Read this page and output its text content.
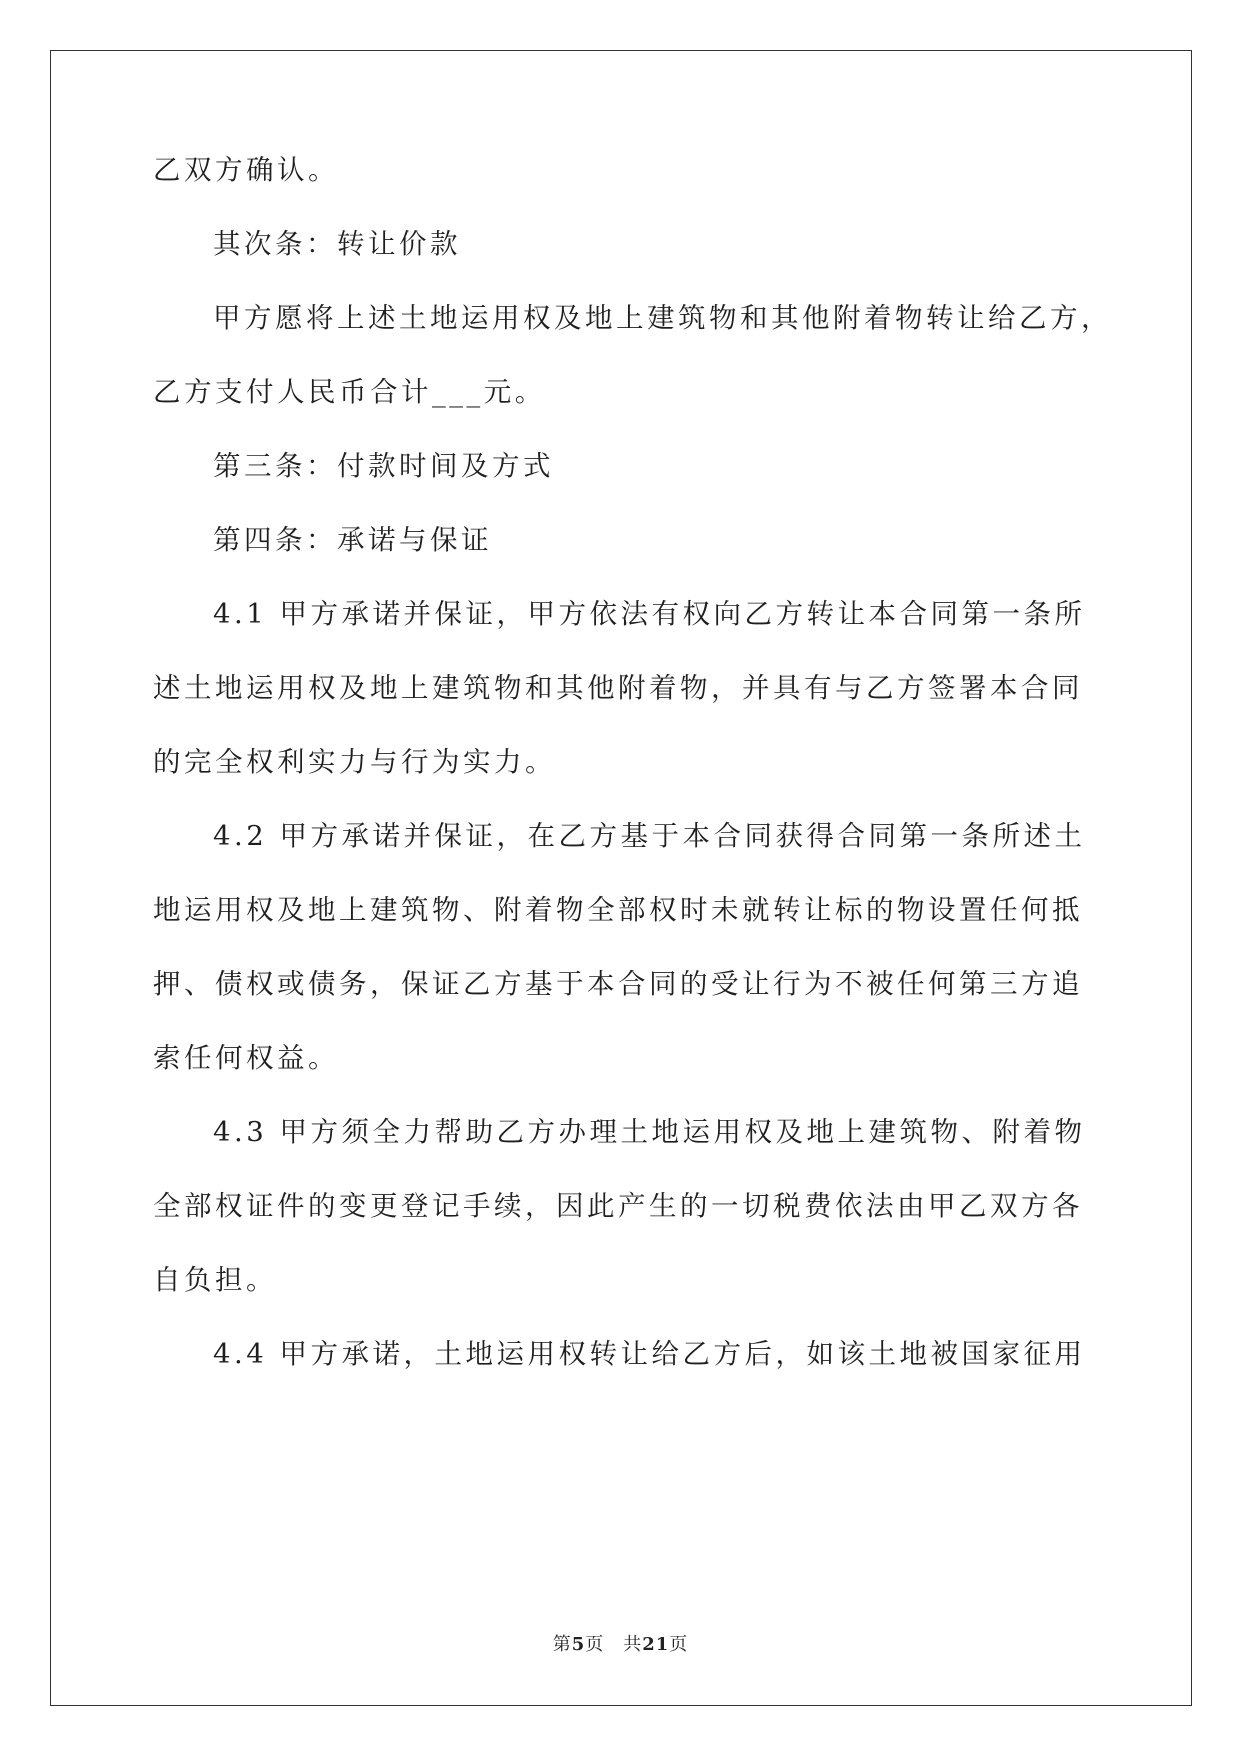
乙双方确认。
其次条：转让价款
甲方愿将上述土地运用权及地上建筑物和其他附着物转让给乙方，
乙方支付人民币合计___元。
第三条：付款时间及方式
第四条：承诺与保证
4.1 甲方承诺并保证，甲方依法有权向乙方转让本合同第一条所
述土地运用权及地上建筑物和其他附着物，并具有与乙方签署本合同
的完全权利实力与行为实力。
4.2 甲方承诺并保证，在乙方基于本合同获得合同第一条所述土
地运用权及地上建筑物、附着物全部权时未就转让标的物设置任何抵
押、债权或债务，保证乙方基于本合同的受让行为不被任何第三方追
索任何权益。
4.3 甲方须全力帮助乙方办理土地运用权及地上建筑物、附着物
全部权证件的变更登记手续，因此产生的一切税费依法由甲乙双方各
自负担。
4.4 甲方承诺，土地运用权转让给乙方后，如该土地被国家征用
第5页　共21页
